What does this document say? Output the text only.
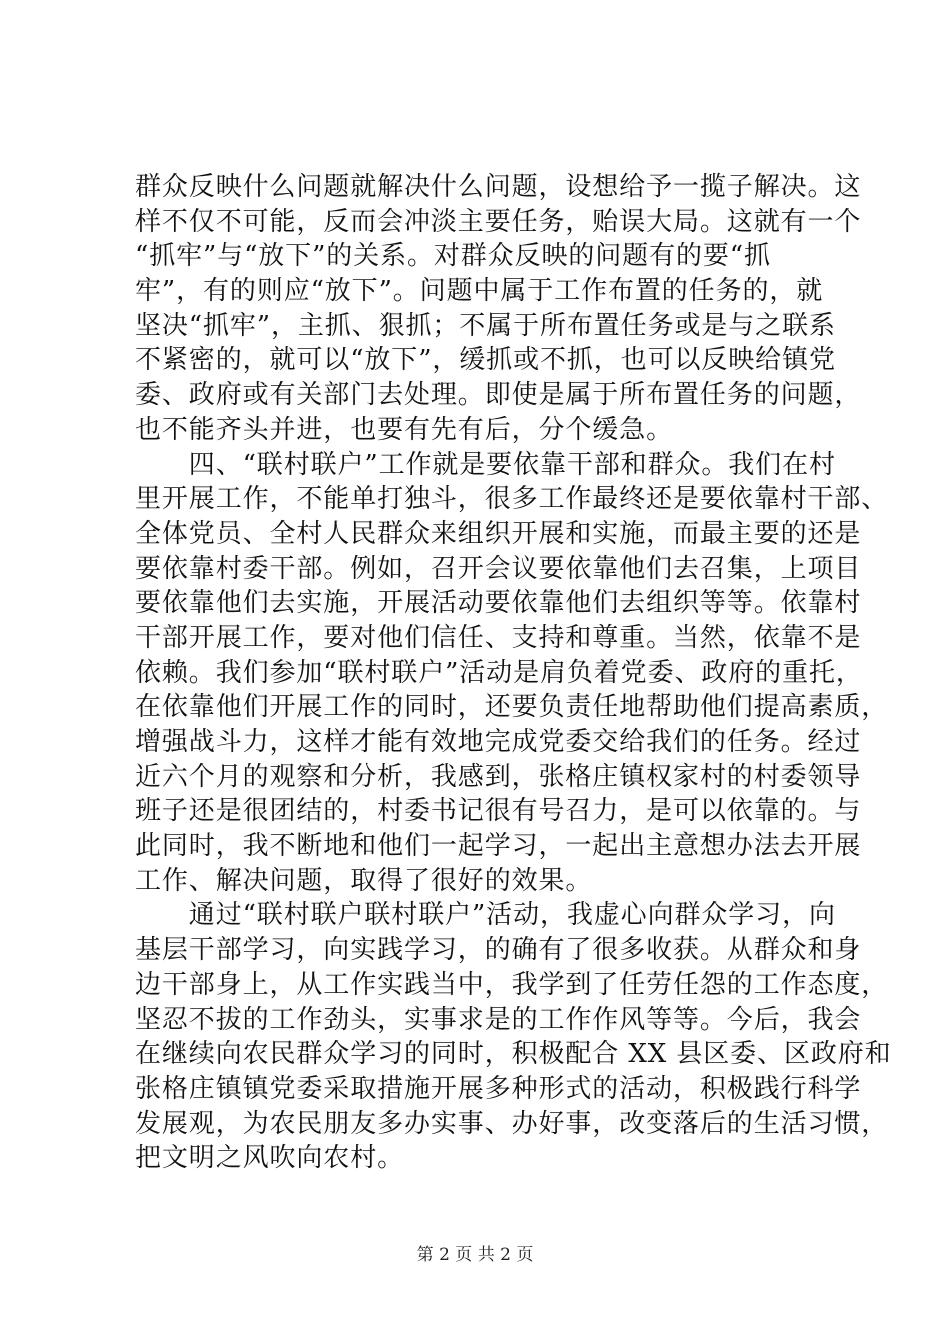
群众反映什么问题就解决什么问题，设想给予一揽子解决。这
样不仅不可能，反而会冲淡主要任务，贻误大局。这就有一个
“抓牢”与“放下”的关系。对群众反映的问题有的要“抓
牢”，有的则应“放下”。问题中属于工作布置的任务的，就
坚决“抓牢”，主抓、狠抓；不属于所布置任务或是与之联系
不紧密的，就可以“放下”，缓抓或不抓，也可以反映给镇党
委、政府或有关部门去处理。即使是属于所布置任务的问题，
也不能齐头并进，也要有先有后，分个缓急。
　　四、“联村联户”工作就是要依靠干部和群众。我们在村
里开展工作，不能单打独斗，很多工作最终还是要依靠村干部、
全体党员、全村人民群众来组织开展和实施，而最主要的还是
要依靠村委干部。例如，召开会议要依靠他们去召集，上项目
要依靠他们去实施，开展活动要依靠他们去组织等等。依靠村
干部开展工作，要对他们信任、支持和尊重。当然，依靠不是
依赖。我们参加“联村联户”活动是肩负着党委、政府的重托，
在依靠他们开展工作的同时，还要负责任地帮助他们提高素质，
增强战斗力，这样才能有效地完成党委交给我们的任务。经过
近六个月的观察和分析，我感到，张格庄镇权家村的村委领导
班子还是很团结的，村委书记很有号召力，是可以依靠的。与
此同时，我不断地和他们一起学习，一起出主意想办法去开展
工作、解决问题，取得了很好的效果。
　　通过“联村联户联村联户”活动，我虚心向群众学习，向
基层干部学习，向实践学习，的确有了很多收获。从群众和身
边干部身上，从工作实践当中，我学到了任劳任怨的工作态度，
坚忍不拔的工作劲头，实事求是的工作作风等等。今后，我会
在继续向农民群众学习的同时，积极配合 XX 县区委、区政府和
张格庄镇镇党委采取措施开展多种形式的活动，积极践行科学
发展观，为农民朋友多办实事、办好事，改变落后的生活习惯，
把文明之风吹向农村。
第 2 页 共 2 页
